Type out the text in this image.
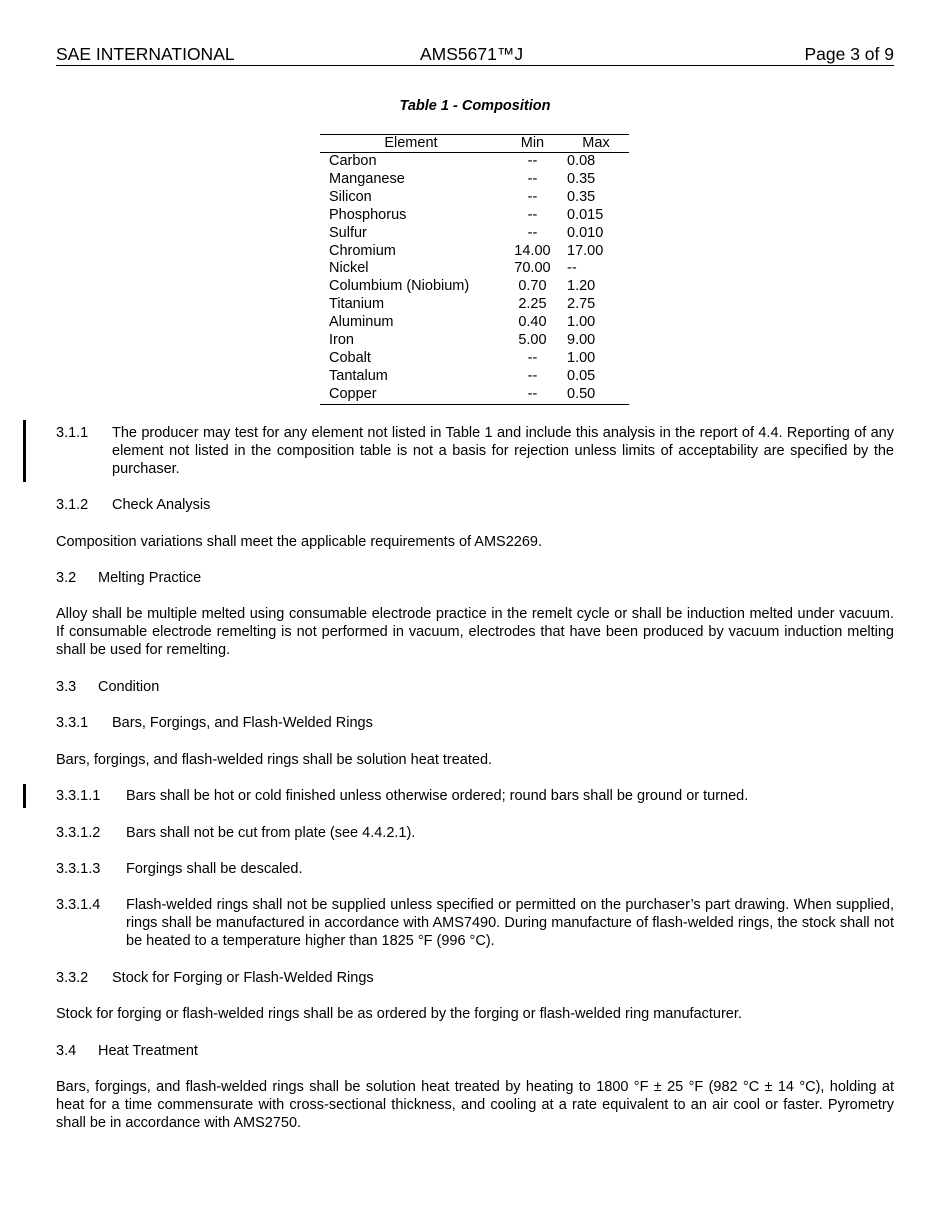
SAE INTERNATIONAL	AMS5671™J	Page 3 of 9
Table 1 - Composition
Element	Min	Max
Carbon	--	0.08
Manganese	--	0.35
Silicon	--	0.35
Phosphorus	--	0.015
Sulfur	--	0.010
Chromium	14.00	17.00
Nickel	70.00	--
Columbium (Niobium)	0.70	1.20
Titanium	2.25	2.75
Aluminum	0.40	1.00
Iron	5.00	9.00
Cobalt	--	1.00
Tantalum	--	0.05
Copper	--	0.50
3.1.1	The producer may test for any element not listed in Table 1 and include this analysis in the report of 4.4. Reporting of any element not listed in the composition table is not a basis for rejection unless limits of acceptability are specified by the purchaser.
3.1.2 Check Analysis
Composition variations shall meet the applicable requirements of AMS2269.
3.2 Melting Practice
Alloy shall be multiple melted using consumable electrode practice in the remelt cycle or shall be induction melted under vacuum. If consumable electrode remelting is not performed in vacuum, electrodes that have been produced by vacuum induction melting shall be used for remelting.
3.3 Condition
3.3.1 Bars, Forgings, and Flash-Welded Rings
Bars, forgings, and flash-welded rings shall be solution heat treated.
3.3.1.1 Bars shall be hot or cold finished unless otherwise ordered; round bars shall be ground or turned.
3.3.1.2 Bars shall not be cut from plate (see 4.4.2.1).
3.3.1.3 Forgings shall be descaled.
3.3.1.4	Flash-welded rings shall not be supplied unless specified or permitted on the purchaser’s part drawing. When supplied, rings shall be manufactured in accordance with AMS7490. During manufacture of flash-welded rings, the stock shall not be heated to a temperature higher than 1825 °F (996 °C).
3.3.2 Stock for Forging or Flash-Welded Rings
Stock for forging or flash-welded rings shall be as ordered by the forging or flash-welded ring manufacturer.
3.4 Heat Treatment
Bars, forgings, and flash-welded rings shall be solution heat treated by heating to 1800 °F ± 25 °F (982 °C ± 14 °C), holding at heat for a time commensurate with cross-sectional thickness, and cooling at a rate equivalent to an air cool or faster. Pyrometry shall be in accordance with AMS2750.
